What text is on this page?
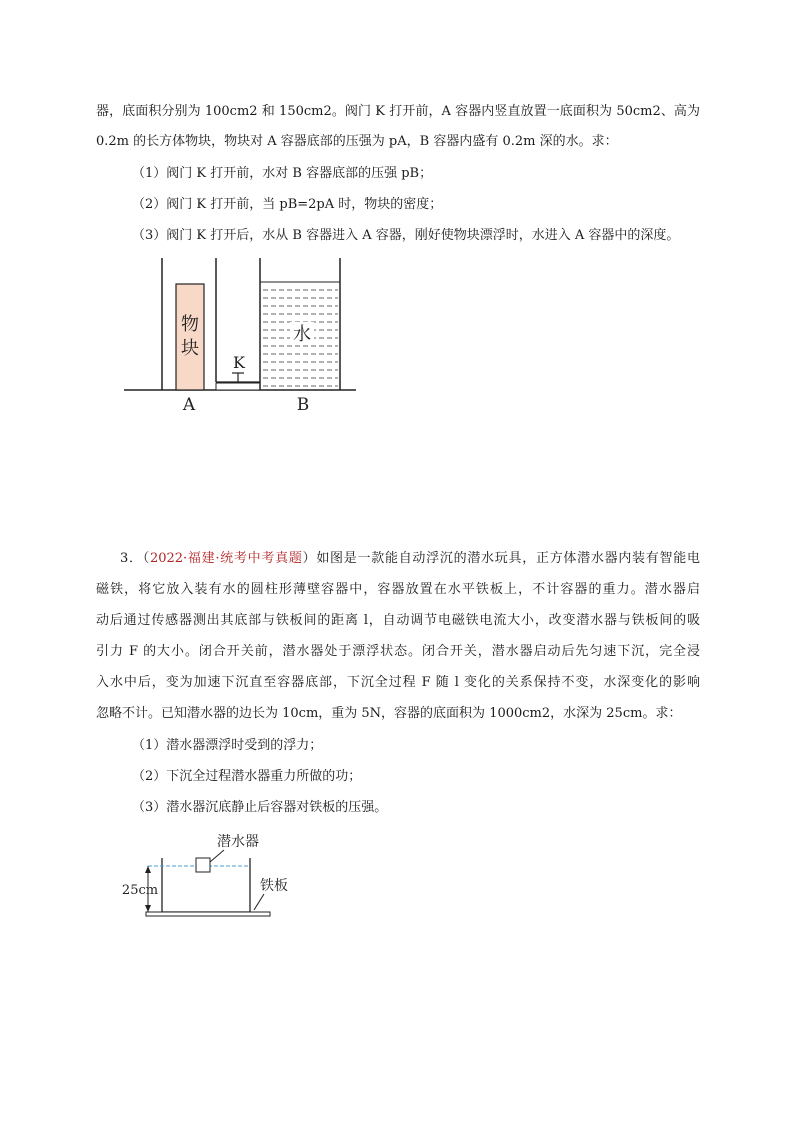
器，底面积分别为 100cm2 和 150cm2。阀门 K 打开前，A 容器内竖直放置一底面积为 50cm2、高为
0.2m 的长方体物块，物块对 A 容器底部的压强为 pA，B 容器内盛有 0.2m 深的水。求：
（1）阀门 K 打开前，水对 B 容器底部的压强 pB；
（2）阀门 K 打开前，当 pB=2pA 时，物块的密度；
（3）阀门 K 打开后，水从 B 容器进入 A 容器，刚好使物块漂浮时，水进入 A 容器中的深度。
物
块
水
K
A	B
3．（2022·福建·统考中考真题）如图是一款能自动浮沉的潜水玩具，正方体潜水器内装有智能电
磁铁，将它放入装有水的圆柱形薄壁容器中，容器放置在水平铁板上，不计容器的重力。潜水器启
动后通过传感器测出其底部与铁板间的距离 l，自动调节电磁铁电流大小，改变潜水器与铁板间的吸
引力 F 的大小。闭合开关前，潜水器处于漂浮状态。闭合开关，潜水器启动后先匀速下沉，完全浸
入水中后，变为加速下沉直至容器底部，下沉全过程 F 随 l 变化的关系保持不变，水深变化的影响
忽略不计。已知潜水器的边长为 10cm，重为 5N，容器的底面积为 1000cm2，水深为 25cm。求：
（1）潜水器漂浮时受到的浮力；
（2）下沉全过程潜水器重力所做的功；
（3）潜水器沉底静止后容器对铁板的压强。
潜水器
25cm	铁板
